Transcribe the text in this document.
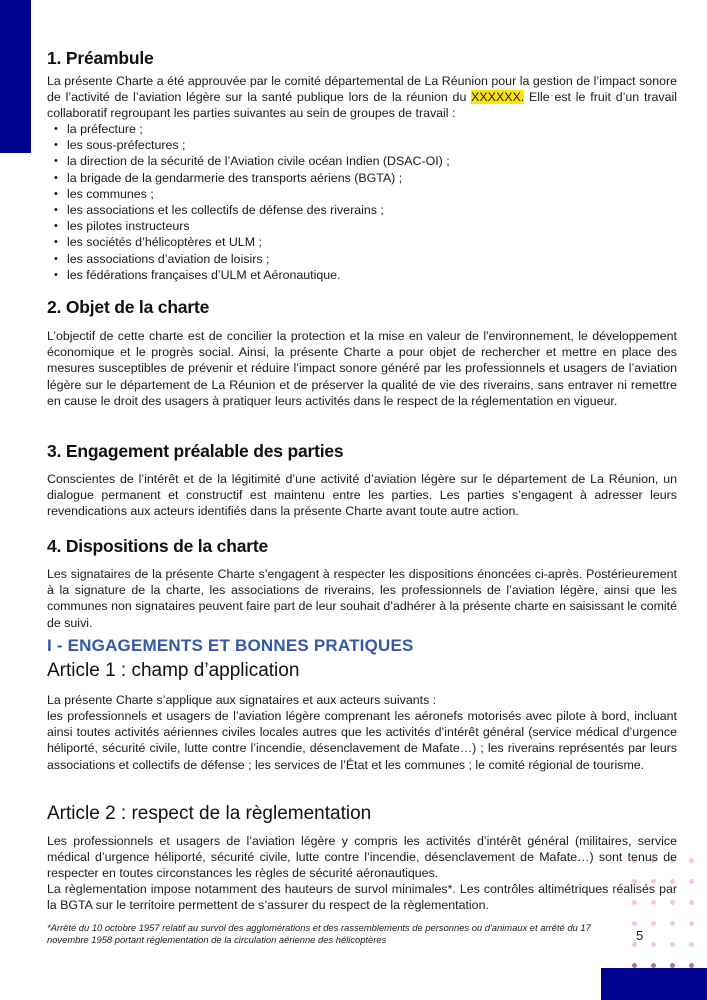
1. Préambule

La présente Charte a été approuvée par le comité départemental de La Réunion pour la gestion de l’impact sonore de l’activité de l’aviation légère sur la santé publique lors de la réunion du XXXXXX. Elle est le fruit d’un travail collaboratif regroupant les parties suivantes au sein de groupes de travail :

• la préfecture ;
• les sous-préfectures ;
• la direction de la sécurité de l’Aviation civile océan Indien (DSAC-OI) ;
• la brigade de la gendarmerie des transports aériens (BGTA) ;
• les communes ;
• les associations et les collectifs de défense des riverains ;
• les pilotes instructeurs
• les sociétés d’hélicoptères et ULM ;
• les associations d’aviation de loisirs ;
• les fédérations françaises d’ULM et Aéronautique.
2. Objet de la charte

L’objectif de cette charte est de concilier la protection et la mise en valeur de l'environnement, le développement économique et le progrès social. Ainsi, la présente Charte a pour objet de rechercher et mettre en place des mesures susceptibles de prévenir et réduire l’impact sonore généré par les professionnels et usagers de l’aviation légère sur le département de La Réunion et de préserver la qualité de vie des riverains, sans entraver ni remettre en cause le droit des usagers à pratiquer leurs activités dans le respect de la réglementation en vigueur.

3. Engagement préalable des parties

Conscientes de l’intérêt et de la légitimité d’une activité d’aviation légère sur le département de La Réunion, un dialogue permanent et constructif est maintenu entre les parties. Les parties s’engagent à adresser leurs revendications aux acteurs identifiés dans la présente Charte avant toute autre action.

4. Dispositions de la charte

Les signataires de la présente Charte s’engagent à respecter les dispositions énoncées ci-après. Postérieurement à la signature de la charte, les associations de riverains, les professionnels de l’aviation légère, ainsi que les communes non signataires peuvent faire part de leur souhait d’adhérer à la présente charte en saisissant le comité de suivi.

I - ENGAGEMENTS ET BONNES PRATIQUES
Article 1 : champ d’application

La présente Charte s’applique aux signataires et aux acteurs suivants :

les professionnels et usagers de l’aviation légère comprenant les aéronefs motorisés avec pilote à bord, incluant ainsi toutes activités aériennes civiles locales autres que les activités d’intérêt général (service médical d’urgence héliporté, sécurité civile, lutte contre l’incendie, désenclavement de Mafate…) ; les riverains représentés par leurs associations et collectifs de défense ; les services de l’État et les communes ; le comité régional de tourisme.

Article 2 : respect de la règlementation

Les professionnels et usagers de l’aviation légère y compris les activités d’intérêt général (militaires, service médical d’urgence héliporté, sécurité civile, lutte contre l’incendie, désenclavement de Mafate…) sont tenus de respecter en toutes circonstances les règles de sécurité aéronautiques.

La règlementation impose notamment des hauteurs de survol minimales*. Les contrôles altimétriques réalisés par la BGTA sur le territoire permettent de s’assurer du respect de la règlementation.

*Arrêté du 10 octobre 1957 relatif au survol des agglomérations et des rassemblements de personnes ou d'animaux et arrêté du 17 novembre 1958 portant réglementation de la circulation aérienne des hélicoptères	5
